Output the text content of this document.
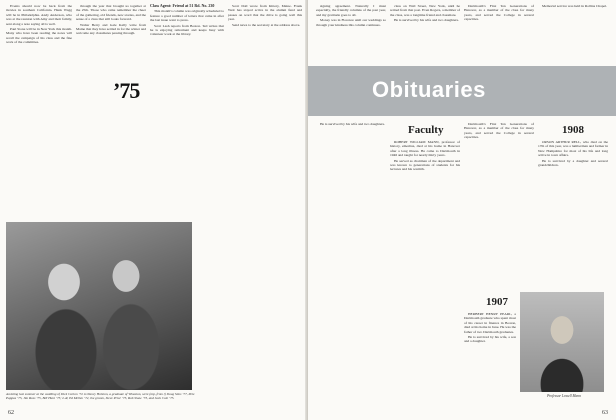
Events should now be back from the movies in southern California. Hank Wagg will be in Philadelphia. Andy Anderson, who was at the reunion with Amy and their family, sent along a note saying all is well.

Paul Stone will be in New York this month. Many who have been reading the notes will recall the campaign of his class and the fine work of the committee.

through the year that brought us together at the 25th. Those who came remember the cheer of the gathering, old friends, new stories, and the sense of a class that still looks forward.

Walter Berry and Gale Kelly write from Maine that they have settled in for the winter and welcome any classmates passing through.

’75

Class Agent: Friend at 51 Rd. No. 230

This month’s column was originally scheduled to feature a good number of letters that came in after the last issue went to press.

Scott Lash reports from Boston. Ted writes that he is enjoying retirement and keeps busy with volunteer work at the library.

Scott Dall wrote from Kittery, Maine. Frank Weir has stayed active in the alumni fund and passes on word that the drive is going well this year.

Send news to the secretary at the address above.

Assisting last summer at the wedding of Dick Carton ’72 to Nancy Holston, a graduate of Wheaton, were (top, from l) Doug Sims ’77, Pete Pappas ’75, Jim Ross ’75, Bill Hunt ’75; L-R, Ed Mellen ’72, the groom, Steve Prior ’75, Rob Shaw ’73, and Jack Cole ’75.
62

signing agreement. Naturally I must especially, the friendly columns of the past year, and my gratitude goes to all.

Money was in Florence until our weddings so through your kindness this column continues.

class on Wall Street, New York, until he retired from that post. Even Rogers, a member of the class, was a longtime friend and classmate.

He is survived by his wife and two daughters.

Dartmouth’s First Ten Generations of Hanover, as a member of the class for many years, and served the College in several capacities.

Memorial service was held in Rollins Chapel.

Obituaries
Faculty

ROBERT WILLIAM MANN, professor of history, emeritus, died at his home in Hanover after a long illness. He came to Dartmouth in 1946 and taught for nearly thirty years.

He served as chairman of the department and was known to generations of students for his lectures and his warmth.

He is survived by his wife and two daughters.	Dartmouth’s First Ten Generations of Hanover, as a member of the class for many years, and served the College in several capacities.

1907

HERBERT HENRY PEARL, a Dartmouth graduate who spent most of his career in finance in Boston, died at his home in June. He was the father of two Dartmouth graduates.

He is survived by his wife, a son and a daughter.

1908

ORSON ARTHUR RELL, who died on the 17th of this year, was a lumberman and farmer in New Hampshire for most of his life and long active in town affairs.

He is survived by a daughter and several grandchildren.

Professor Lowell Mann
63
